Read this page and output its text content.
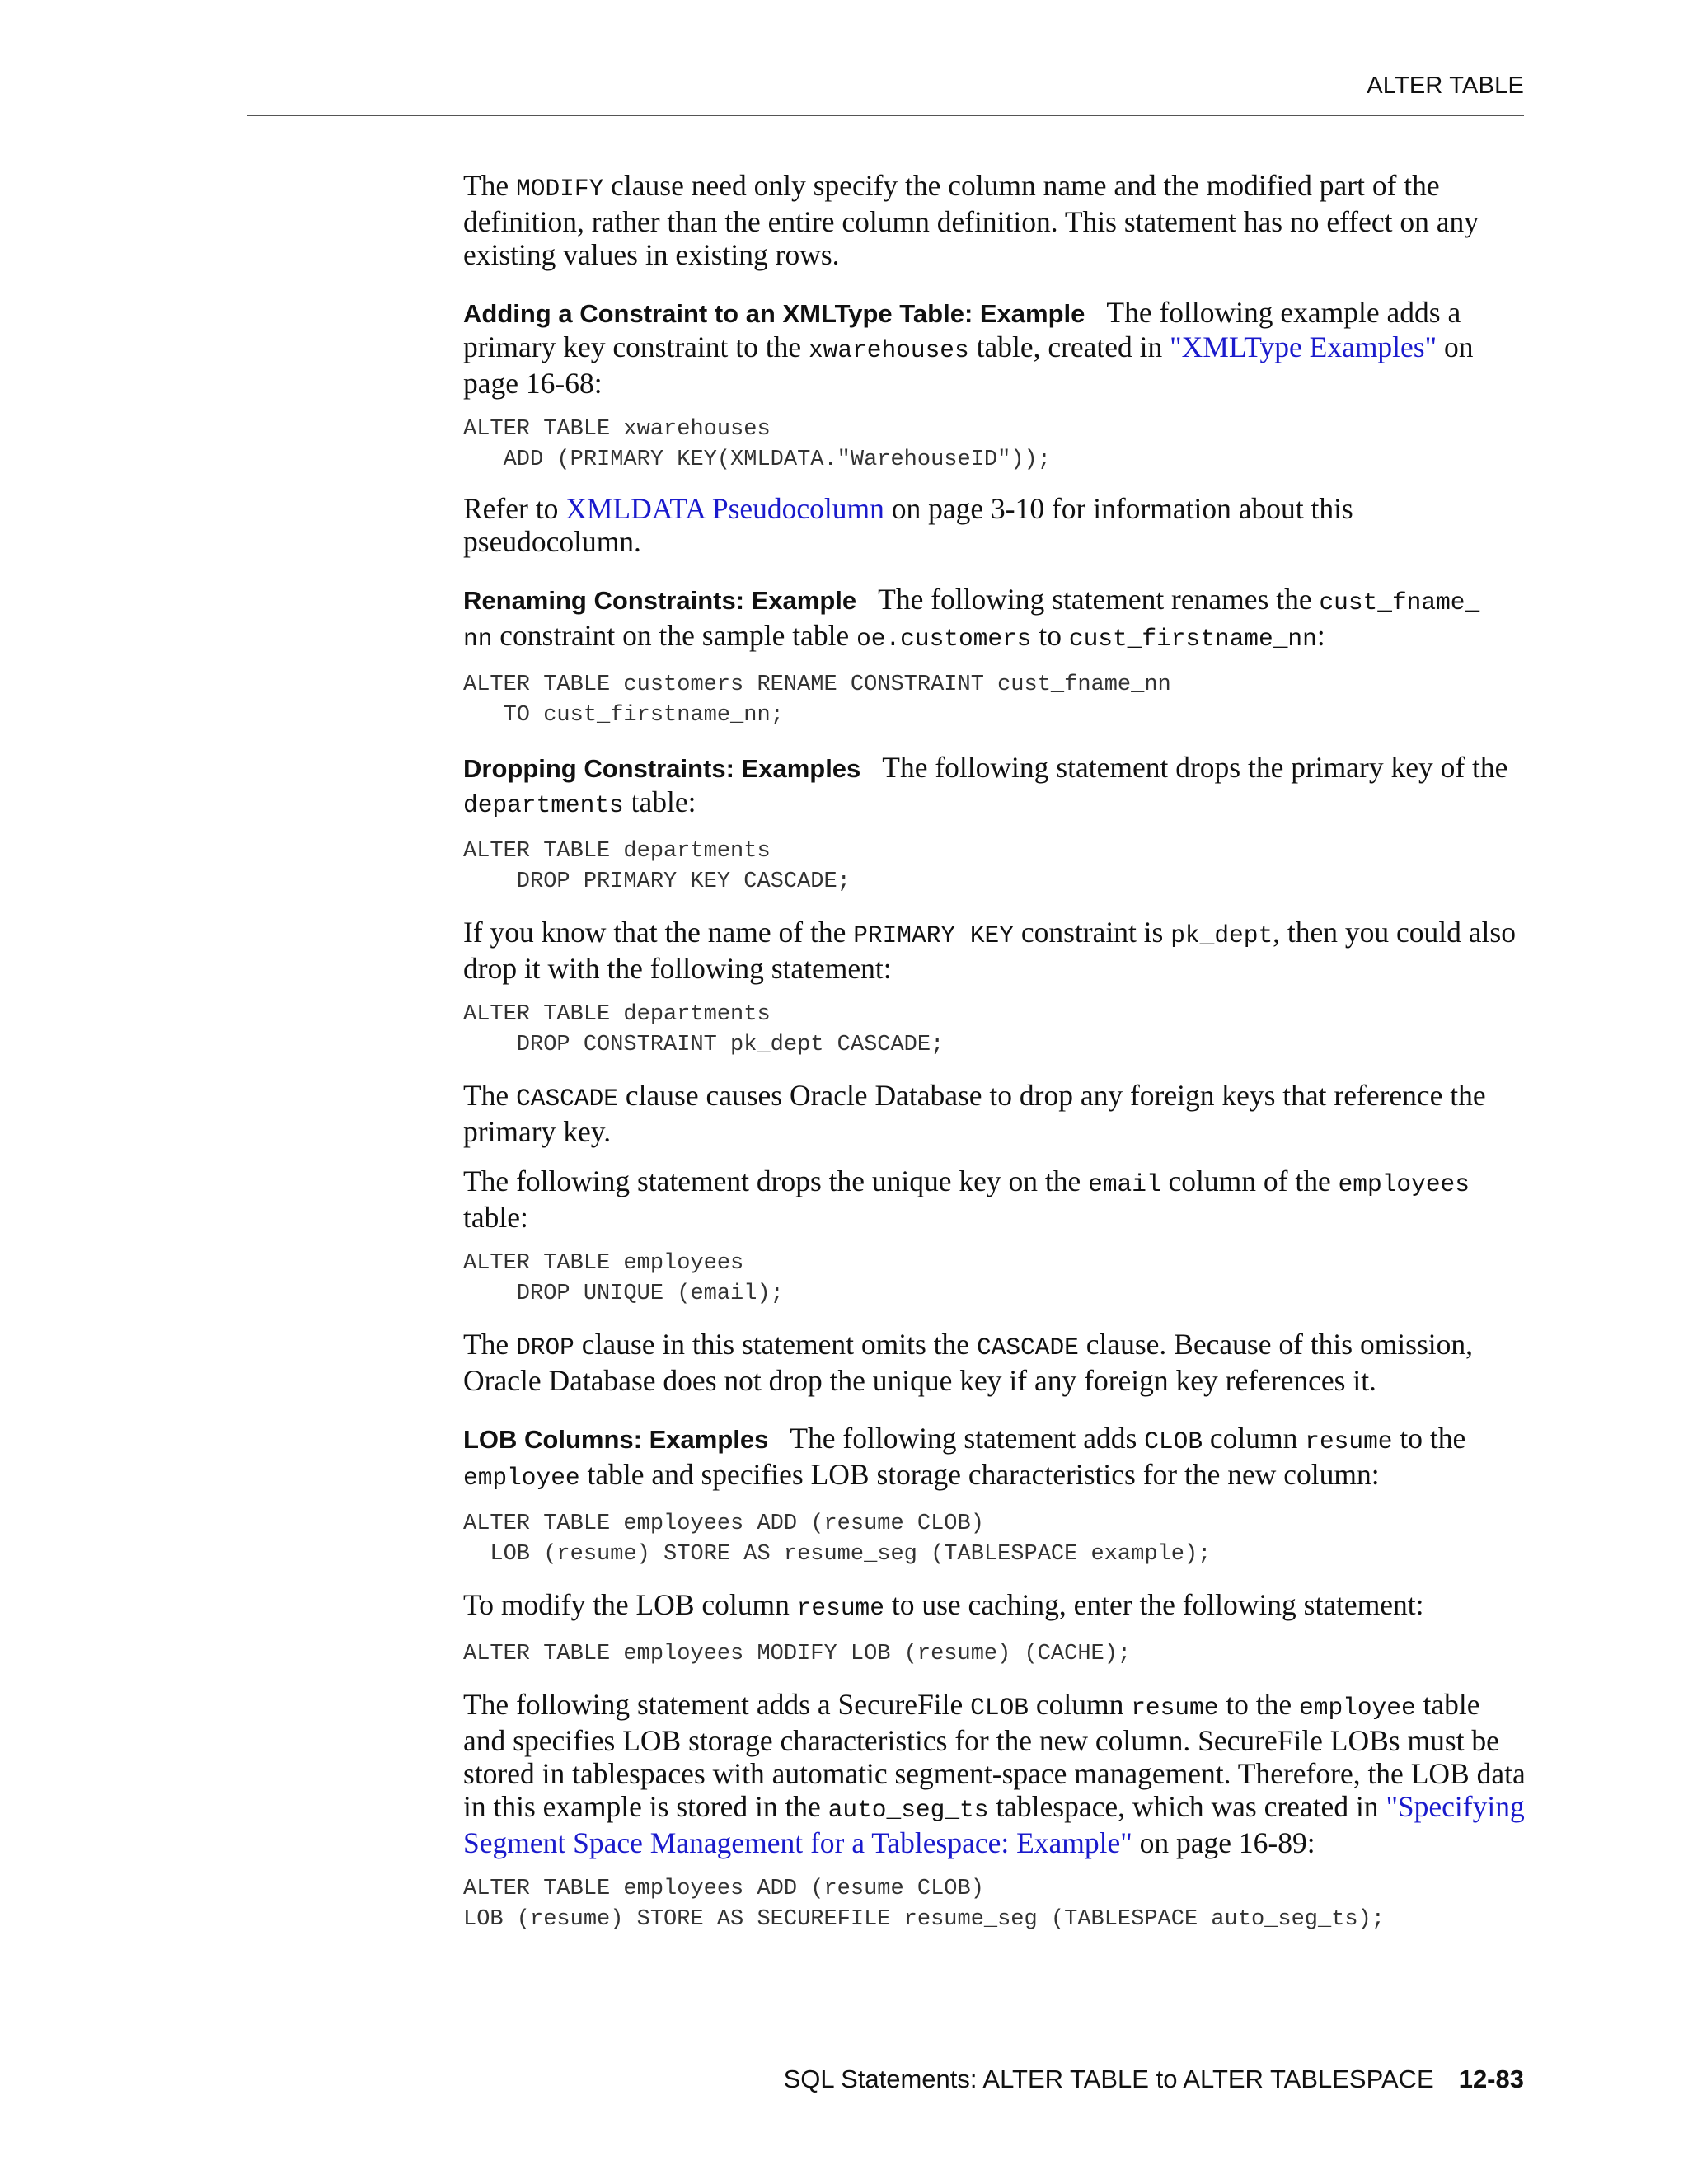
ALTER TABLE

The MODIFY clause need only specify the column name and the modified part of the definition, rather than the entire column definition. This statement has no effect on any existing values in existing rows.

Adding a Constraint to an XMLType Table: Example The following example adds a primary key constraint to the xwarehouses table, created in "XMLType Examples" on page 16-68:

ALTER TABLE xwarehouses
ADD (PRIMARY KEY(XMLDATA."WarehouseID"));

Refer to XMLDATA Pseudocolumn on page 3-10 for information about this pseudocolumn.

Renaming Constraints: Example The following statement renames the cust_fname_
nn constraint on the sample table oe.customers to cust_firstname_nn:

ALTER TABLE customers RENAME CONSTRAINT cust_fname_nn
TO cust_firstname_nn;

Dropping Constraints: Examples The following statement drops the primary key of the departments table:

ALTER TABLE departments
DROP PRIMARY KEY CASCADE;

If you know that the name of the PRIMARY KEY constraint is pk_dept, then you could also drop it with the following statement:

ALTER TABLE departments
DROP CONSTRAINT pk_dept CASCADE;

The CASCADE clause causes Oracle Database to drop any foreign keys that reference the primary key.

The following statement drops the unique key on the email column of the employees table:

ALTER TABLE employees
DROP UNIQUE (email);

The DROP clause in this statement omits the CASCADE clause. Because of this omission, Oracle Database does not drop the unique key if any foreign key references it.

LOB Columns: Examples The following statement adds CLOB column resume to the employee table and specifies LOB storage characteristics for the new column:

ALTER TABLE employees ADD (resume CLOB)
LOB (resume) STORE AS resume_seg (TABLESPACE example);

To modify the LOB column resume to use caching, enter the following statement:

ALTER TABLE employees MODIFY LOB (resume) (CACHE);

The following statement adds a SecureFile CLOB column resume to the employee table and specifies LOB storage characteristics for the new column. SecureFile LOBs must be stored in tablespaces with automatic segment-space management. Therefore, the LOB data in this example is stored in the auto_seg_ts tablespace, which was created in "Specifying Segment Space Management for a Tablespace: Example" on page 16-89:

ALTER TABLE employees ADD (resume CLOB)
LOB (resume) STORE AS SECUREFILE resume_seg (TABLESPACE auto_seg_ts);
SQL Statements: ALTER TABLE to ALTER TABLESPACE 12-83
